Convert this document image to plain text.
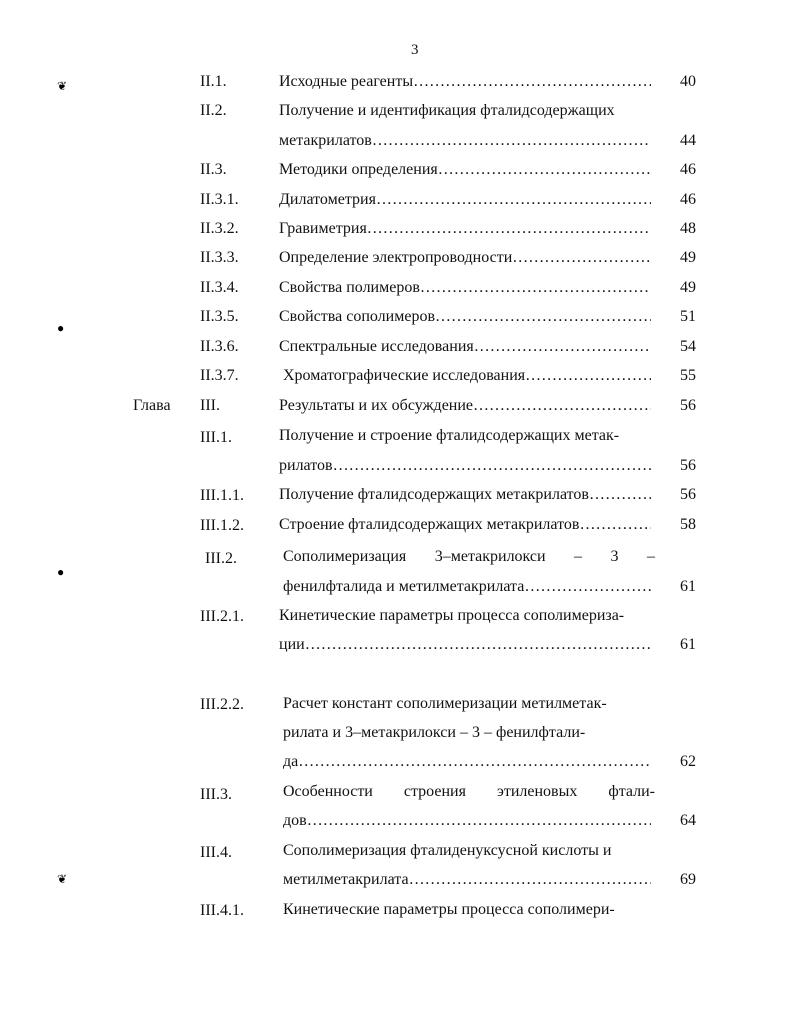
3
❦
●
●
❦
II.1.	Исходные реагенты ……………………………………………………………………………………………	40
II.2.	Получение и идентификация фталидсодержащих
метакрилатов ……………………………………………………………………………………………	44
II.3.	Методики определения ……………………………………………………………………………………………	46
II.3.1.	Дилатометрия ……………………………………………………………………………………………	46
II.3.2.	Гравиметрия ……………………………………………………………………………………………	48
II.3.3.	Определение электропроводности ……………………………………………………………………………………………	49
II.3.4.	Свойства полимеров ……………………………………………………………………………………………	49
II.3.5.	Свойства сополимеров ……………………………………………………………………………………………	51
II.3.6.	Спектральные исследования ……………………………………………………………………………………………	54
II.3.7.	Хроматографические исследования ……………………………………………………………………………………………	55
Глава III.	Результаты и их обсуждение ……………………………………………………………………………………………	56
III.1.	Получение и строение фталидсодержащих метак-
рилатов ……………………………………………………………………………………………	56
III.1.1. Получение фталидсодержащих метакрилатов ……………………………………………………………………………………………	56
III.1.2. Строение фталидсодержащих метакрилатов ……………………………………………………………………………………………	58
III.2.	Сополимеризация 3–метакрилокси – 3 –
фенилфталида и метилметакрилата ……………………………………………………………………………………………	61
III.2.1. Кинетические параметры процесса сополимериза-
ции ……………………………………………………………………………………………	61
III.2.2. Расчет констант сополимеризации метилметак-
рилата и 3–метакрилокси – 3 – фенилфтали-
да ……………………………………………………………………………………………	62
III.3.	Особенности строения этиленовых фтали-
дов ……………………………………………………………………………………………	64
III.4.	Сополимеризация фталиденуксусной кислоты и
метилметакрилата ……………………………………………………………………………………………	69
III.4.1. Кинетические параметры процесса сополимери-
